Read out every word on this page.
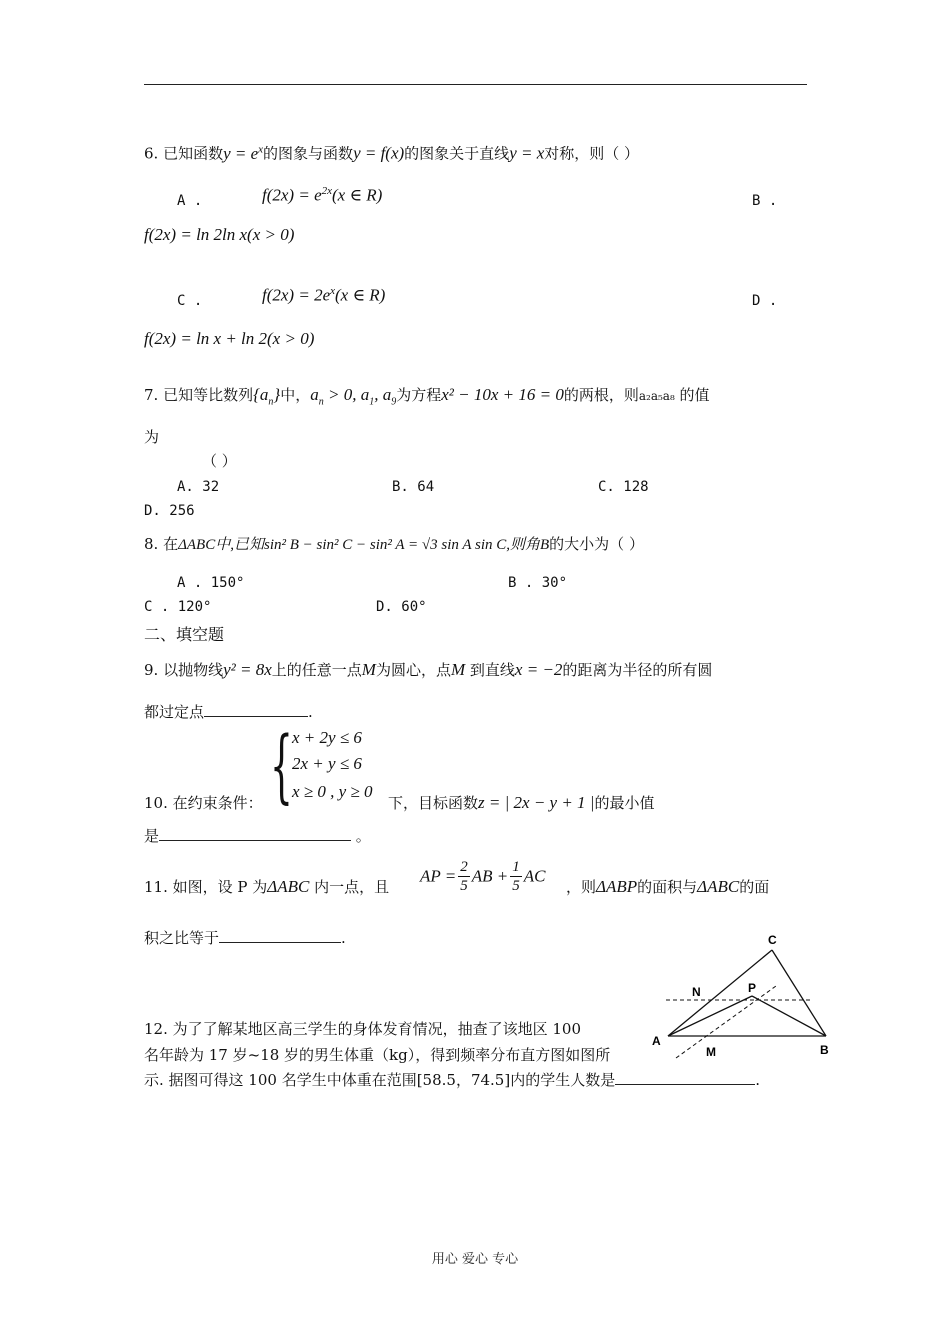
6. 已知函数$y = e^x$的图象与函数y = f(x)的图象关于直线y = x对称，则（ ）
A .	$f(2x) = e^{2x}(x$ ∈ R)	B .
f(2x) = ln 2ln x(x > 0)
C .	$f(2x) = 2e^x(x$ ∈ R)	D .
f(2x) = ln x + ln 2(x > 0)
7. 已知等比数列$\{a_n\}$中，$a_n > 0$, $a_1$, $a_9$为方程x² − 10x + 16 = 0的两根，则a₂a₅a₈ 的值
为
（ ）
A. 32	B. 64	C. 128
D. 256
8. 在ΔABC中,已知sin² B − sin² C − sin² A = √3 sin A sin C,则角B的大小为（ ）
A . 150°	B . 30°
C . 120°	D. 60°
二、填空题
9. 以抛物线y² = 8x上的任意一点M为圆心，点M 到直线x = −2的距离为半径的所有圆
都过定点	.
{ x + 2y ≤ 6
2x + y ≤ 6
x ≥ 0 , y ≥ 0
10. 在约束条件：	下，目标函数z = | 2x − y + 1 |的最小值
是	。
11. 如图，设 P 为ΔABC 内一点，且
AP = $\frac{2}{5}$ AB + $\frac{1}{5}$ AC
，则ΔABP的面积与ΔABC的面
积之比等于	.	C
N	P
A
M	B
12. 为了了解某地区高三学生的身体发育情况，抽查了该地区 100
名年龄为 17 岁~18 岁的男生体重（kg），得到频率分布直方图如图所
示. 据图可得这 100 名学生中体重在范围[58.5，74.5]内的学生人数是	.
用心 爱心 专心
